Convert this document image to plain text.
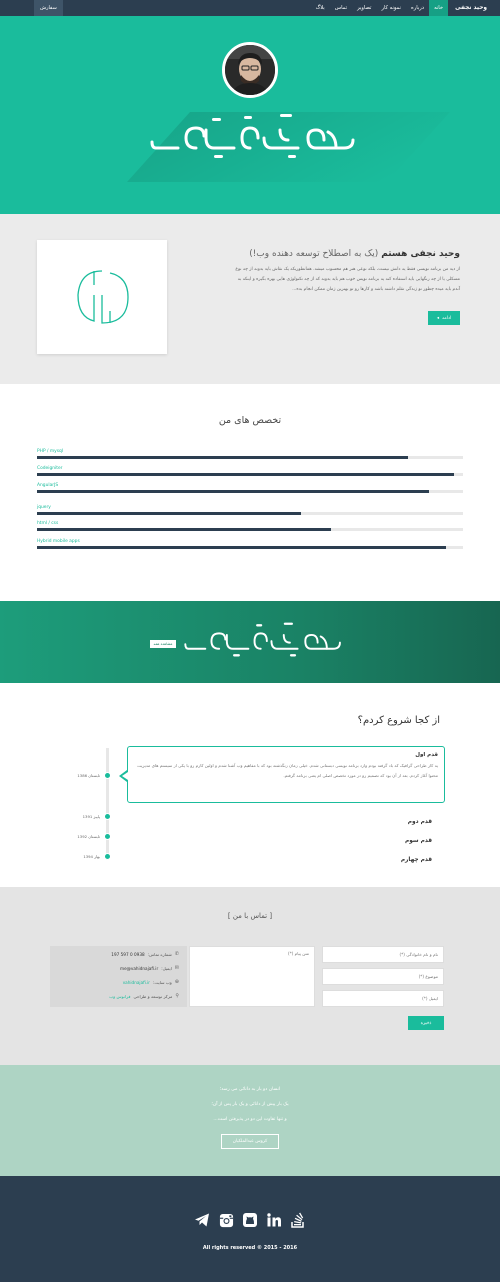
سفارش	وحید نجفی
خانه
درباره
نمونه کار
تصاویر
تماس
بلاگ
وحید نجفی هستم (یک به اصطلاح توسعه دهنده وب!)
از دید من برنامه نویسی فقط یه دانش نیست، بلکه نوعی هنر هم محسوب میشه. همانطوریکه یک نقاش باید بدونه از چه نوع مسکلی یا از چه رنگهایی باید استفاده کنه یه برنامه نویس خوب هم باید بدونه که از چه تکنولوژی هایی بهره بگیره و اینکه به آندم باید میده چطور تو زندگی تقلم داشته باشه و کارها رو تو بهترین زمان ممکن انجام بده...
ادامه
◂
تخصص های من
PHP / mysql
Codeigniter
AngularJS
jquery
html / css
Hybrid mobile apps
مشاهده همه
از کجا شروع کردم؟
تابستان 1386
پاییز 1391
تابستان 1392
بهار 1394
قدم اول

یه کار طراحی گرافیک که باد گرفته بودم وارد برنامه نویسی دبستانی شدم. خیلی زمان زنگذشته بود که با مفاهیم وب آشنا شدم و اولین کارم رو با یکی از سیستم های مدیریت محتوا آغاز کردم. بعد از آن بود که تصمیم رو در مورد تخصص اصلی ام یعنی برنامه گرفتم.

قدم دوم
قدم سوم
قدم چهارم
[ تماس با من ]
نام و نام خانوادگی (*)
موضوع (*)
ایمیل (*)
متن پیام (*)
ذخیره
✆
شماره تماس:
0938 0 597 197
✉
ایمیل:
me@vahidnajafi.ir
⊕
وب سایت:
vahidnajafi.ir
⚲
مرکز توسعه و طراحی
فرانوس وب
انسان دو بار به دانائی می رسد؛
یک بار پیش از دانائی و یک بار پس از آن؛
و تنها تفاوت این دو در پذیرفتن است...
کروس عبدالملکیان
All rights reserved © 2015 - 2016
